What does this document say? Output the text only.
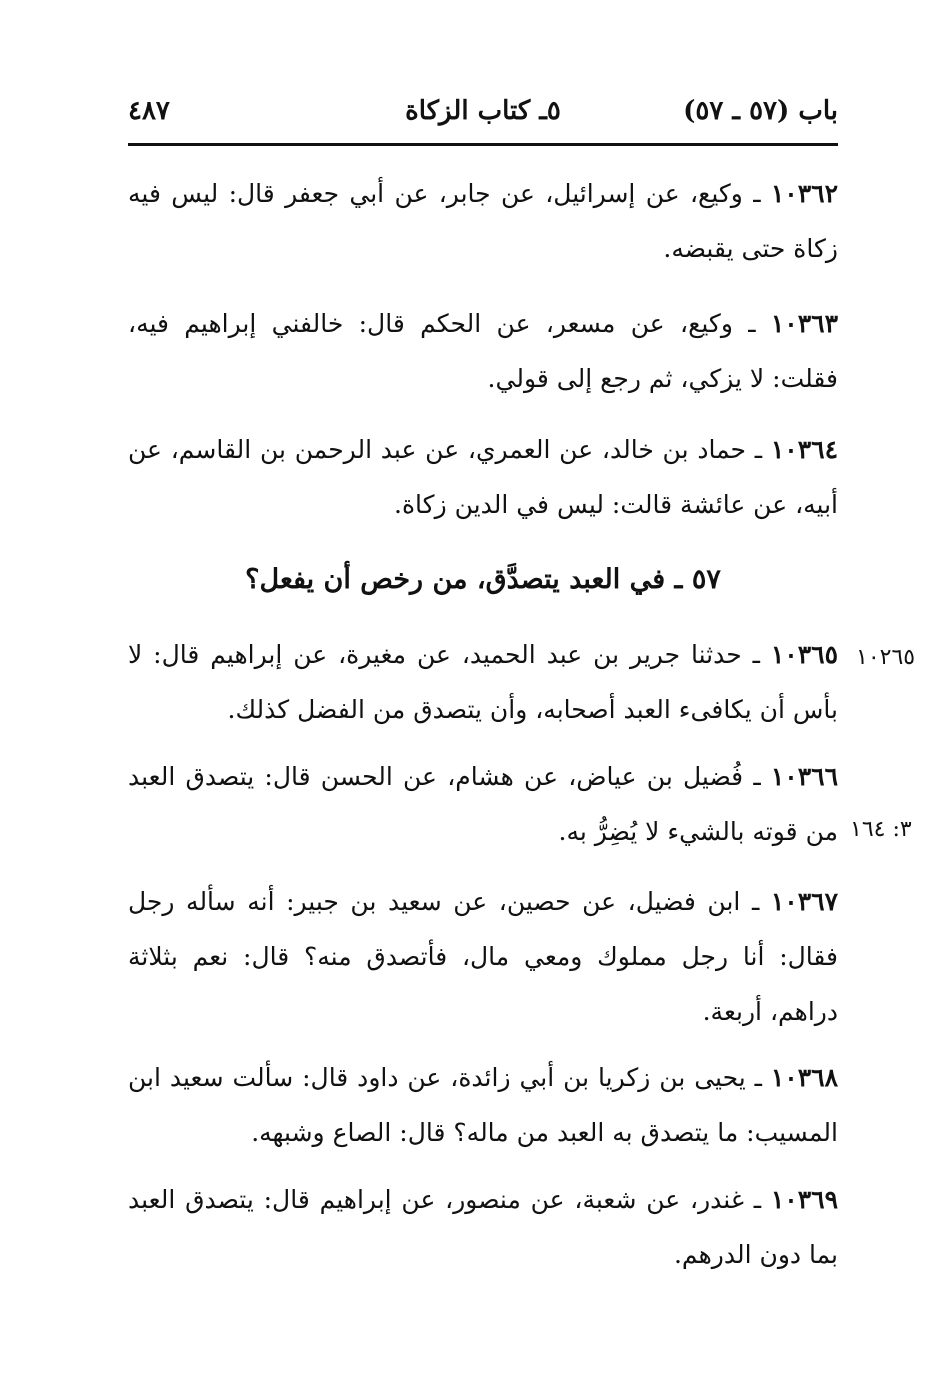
باب (٥٧ ـ ٥٧)
٥ـ كتاب الزكاة
٤٨٧

١٠٣٦٢ ـ وكيع، عن إسرائيل، عن جابر، عن أبي جعفر قال: ليس فيه زكاة حتى يقبضه.

١٠٣٦٣ ـ وكيع، عن مسعر، عن الحكم قال: خالفني إبراهيم فيه، فقلت: لا يزكي، ثم رجع إلى قولي.

١٠٣٦٤ ـ حماد بن خالد، عن العمري، عن عبد الرحمن بن القاسم، عن أبيه، عن عائشة قالت: ليس في الدين زكاة.

٥٧ ـ في العبد يتصدَّق، من رخص أن يفعل؟
١٠٢٦٥

١٠٣٦٥ ـ حدثنا جرير بن عبد الحميد، عن مغيرة، عن إبراهيم قال: لا بأس أن يكافىء العبد أصحابه، وأن يتصدق من الفضل كذلك.

٣: ١٦٤

١٠٣٦٦ ـ فُضيل بن عياض، عن هشام، عن الحسن قال: يتصدق العبد من قوته بالشيء لا يُضِرُّ به.

١٠٣٦٧ ـ ابن فضيل، عن حصين، عن سعيد بن جبير: أنه سأله رجل فقال: أنا رجل مملوك ومعي مال، فأتصدق منه؟ قال: نعم بثلاثة دراهم، أربعة.

١٠٣٦٨ ـ يحيى بن زكريا بن أبي زائدة، عن داود قال: سألت سعيد ابن المسيب: ما يتصدق به العبد من ماله؟ قال: الصاع وشبهه.

١٠٣٦٩ ـ غندر، عن شعبة، عن منصور، عن إبراهيم قال: يتصدق العبد بما دون الدرهم.
